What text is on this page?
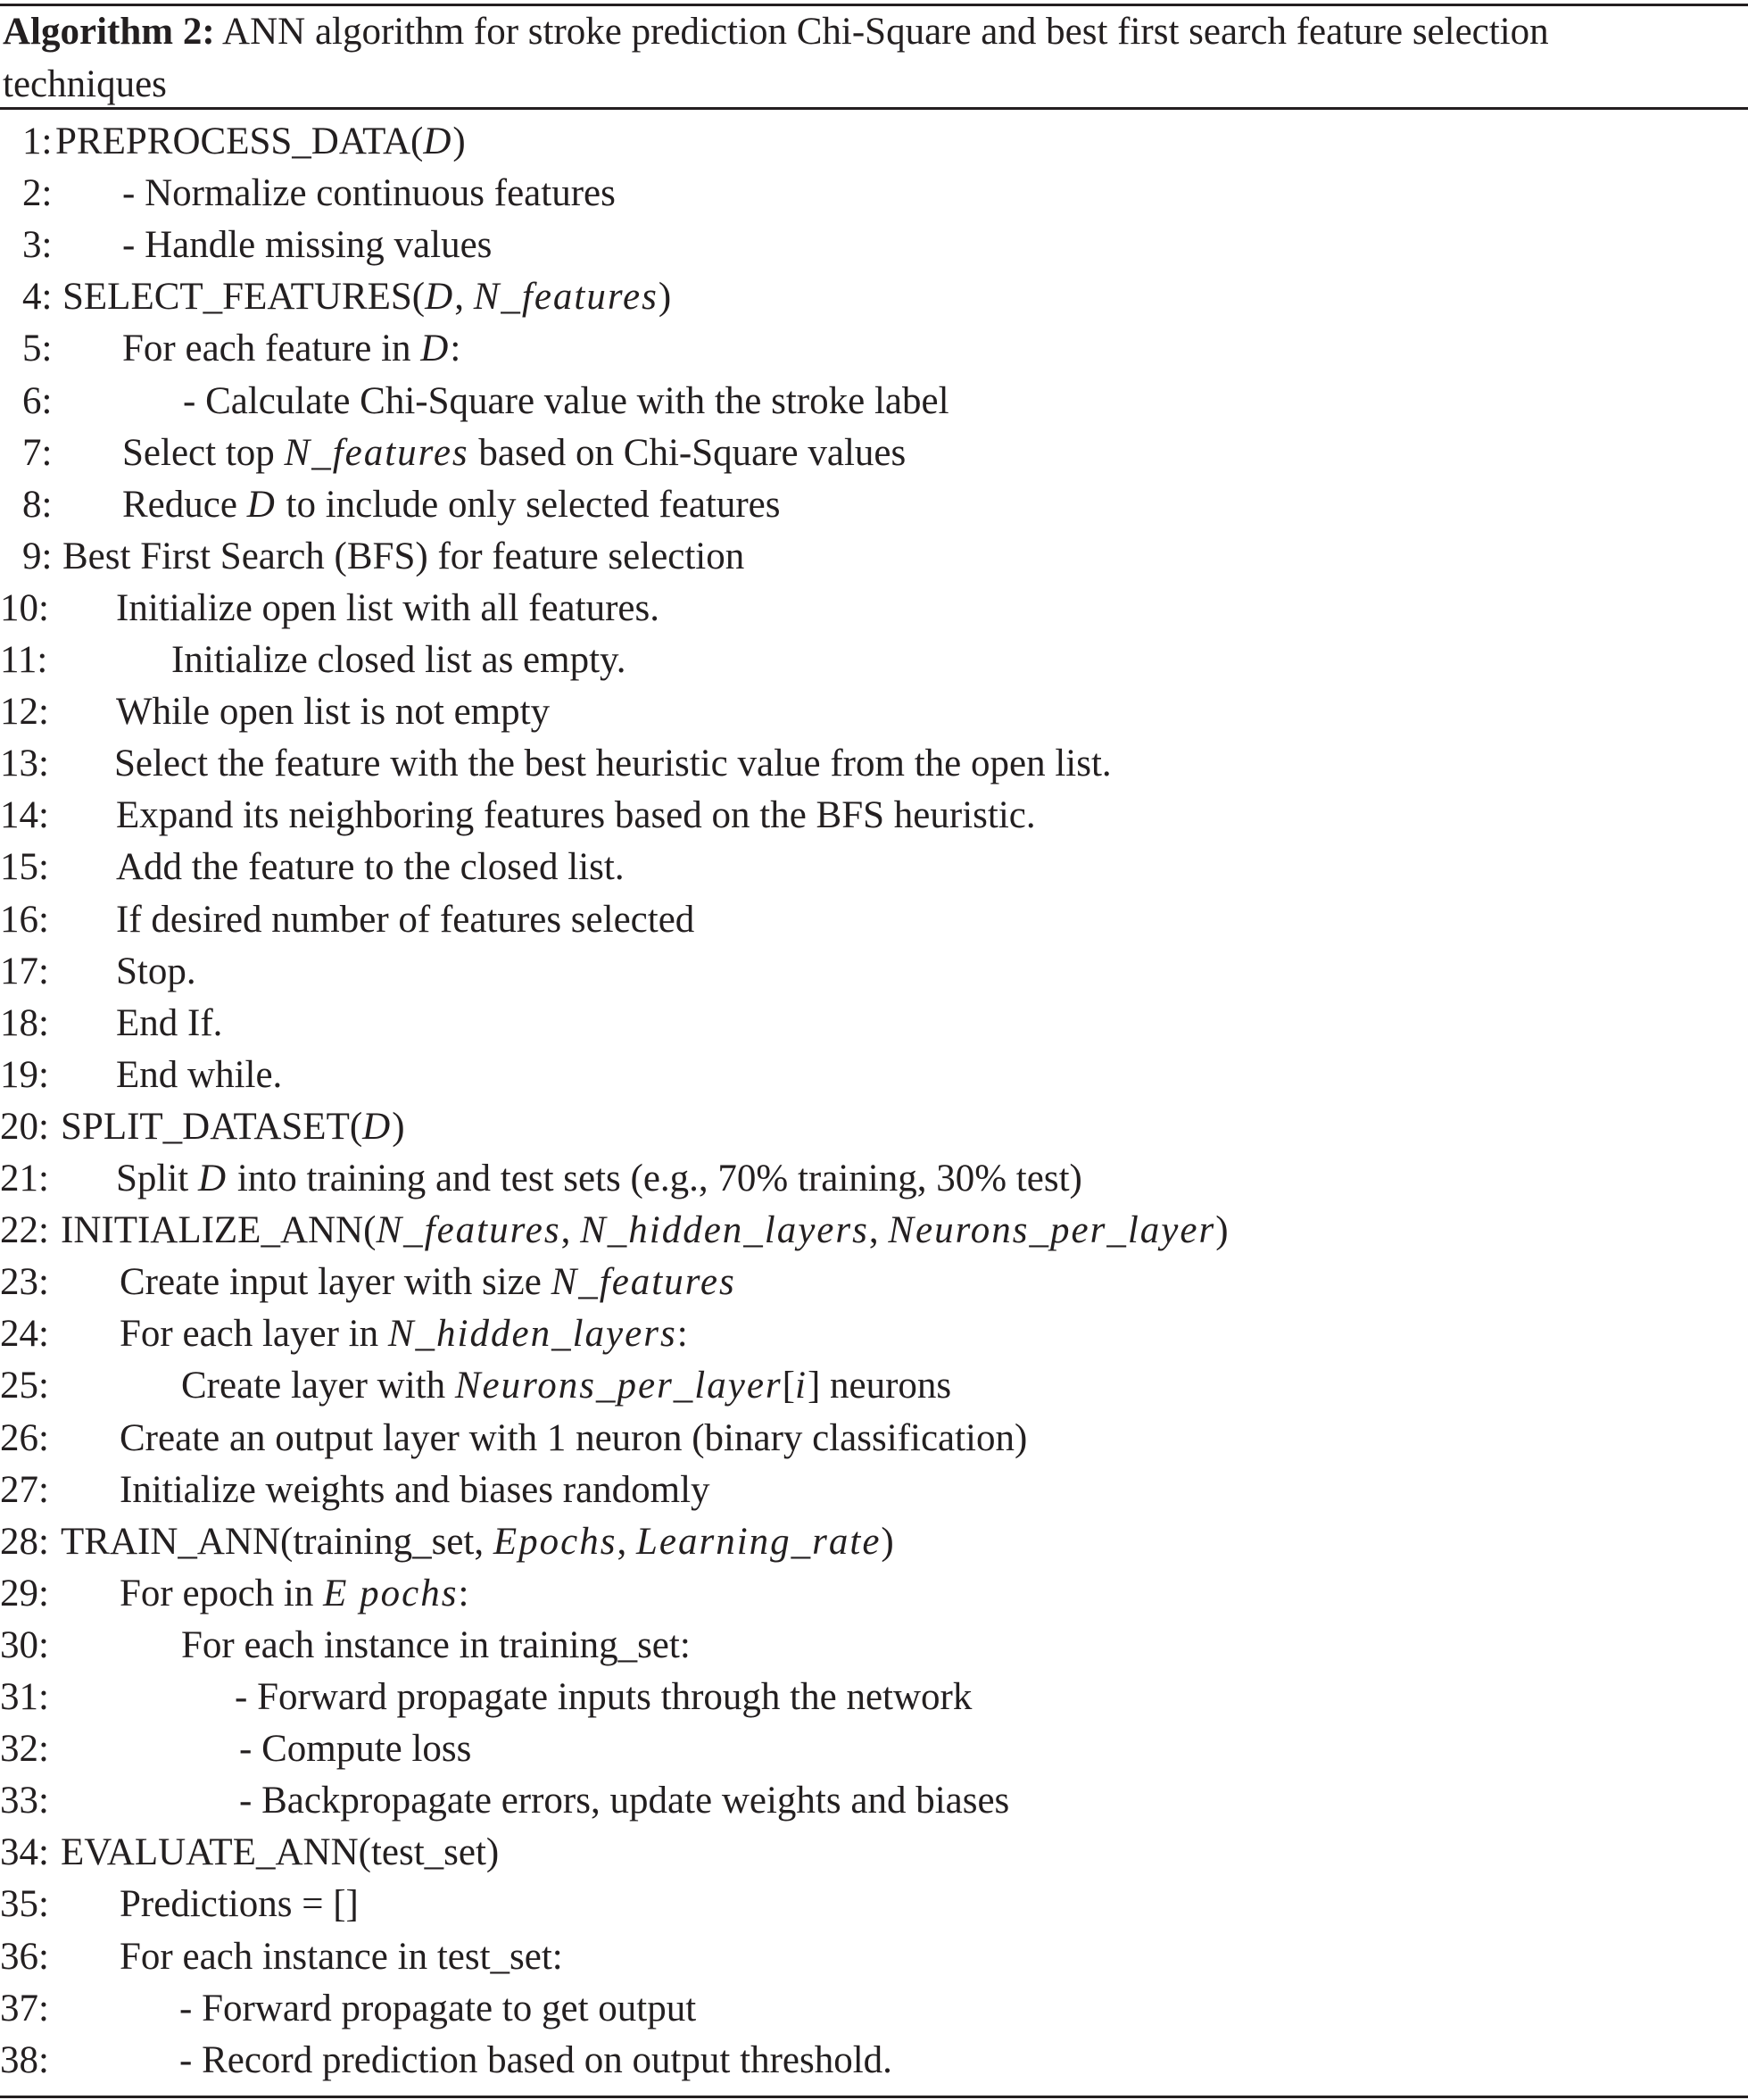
Algorithm 2: ANN algorithm for stroke prediction Chi-Square and best first search feature selection
techniques
1: PREPROCESS_DATA(D)
2: - Normalize continuous features
3: - Handle missing values
4: SELECT_FEATURES(D, N_features)
5: For each feature in D:
6:	- Calculate Chi-Square value with the stroke label
7: Select top N_features based on Chi-Square values
8: Reduce D to include only selected features
9: Best First Search (BFS) for feature selection
10: Initialize open list with all features.
11:	Initialize closed list as empty.
12: While open list is not empty
13: Select the feature with the best heuristic value from the open list.
14: Expand its neighboring features based on the BFS heuristic.
15: Add the feature to the closed list.
16: If desired number of features selected
17: Stop.
18: End If.
19: End while.
20: SPLIT_DATASET(D)
21: Split D into training and test sets (e.g., 70% training, 30% test)
22: INITIALIZE_ANN(N_features, N_hidden_layers, Neurons_per_layer)
23: Create input layer with size N_features
24: For each layer in N_hidden_layers:
25:	Create layer with Neurons_per_layer[i] neurons
26: Create an output layer with 1 neuron (binary classification)
27: Initialize weights and biases randomly
28: TRAIN_ANN(training_set, Epochs, Learning_rate)
29: For epoch in E pochs:
30:	For each instance in training_set:
31:	- Forward propagate inputs through the network
32:	- Compute loss
33:	- Backpropagate errors, update weights and biases
34: EVALUATE_ANN(test_set)
35: Predictions = []
36: For each instance in test_set:
37:	- Forward propagate to get output
38:	- Record prediction based on output threshold.
